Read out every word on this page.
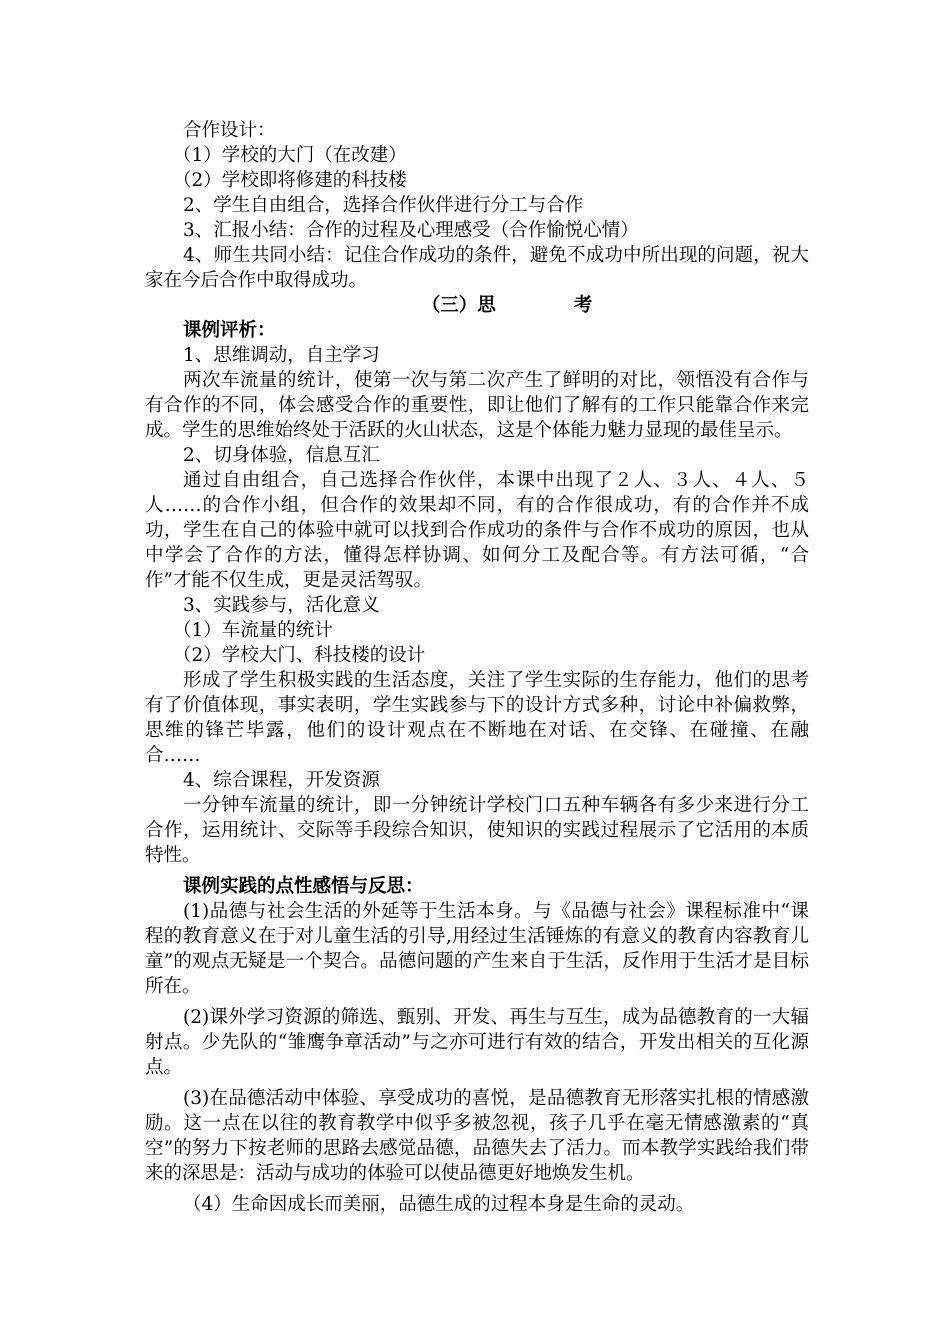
合作设计：

（1）学校的大门（在改建）

（2）学校即将修建的科技楼

2、学生自由组合，选择合作伙伴进行分工与合作

3、汇报小结：合作的过程及心理感受（合作愉悦心情）

4、师生共同小结：记住合作成功的条件，避免不成功中所出现的问题，祝大家在今后合作中取得成功。

（三）思	考

课例评析：

1、思维调动，自主学习

两次车流量的统计，使第一次与第二次产生了鲜明的对比，领悟没有合作与有合作的不同，体会感受合作的重要性，即让他们了解有的工作只能靠合作来完成。学生的思维始终处于活跃的火山状态，这是个体能力魅力显现的最佳呈示。

2、切身体验，信息互汇

通过自由组合，自己选择合作伙伴，本课中出现了２人、３人、４人、５人……的合作小组，但合作的效果却不同，有的合作很成功，有的合作并不成功，学生在自己的体验中就可以找到合作成功的条件与合作不成功的原因，也从中学会了合作的方法，懂得怎样协调、如何分工及配合等。有方法可循，“合作”才能不仅生成，更是灵活驾驭。

3、实践参与，活化意义

（1）车流量的统计

（2）学校大门、科技楼的设计

形成了学生积极实践的生活态度，关注了学生实际的生存能力，他们的思考有了价值体现，事实表明，学生实践参与下的设计方式多种，讨论中补偏救弊，思维的锋芒毕露，他们的设计观点在不断地在对话、在交锋、在碰撞、在融合……

4、综合课程，开发资源

一分钟车流量的统计，即一分钟统计学校门口五种车辆各有多少来进行分工合作，运用统计、交际等手段综合知识，使知识的实践过程展示了它活用的本质特性。

课例实践的点性感悟与反思：

(1)品德与社会生活的外延等于生活本身。与《品德与社会》课程标准中“课程的教育意义在于对儿童生活的引导,用经过生活锤炼的有意义的教育内容教育儿童”的观点无疑是一个契合。品德问题的产生来自于生活，反作用于生活才是目标所在。

(2)课外学习资源的筛选、甄别、开发、再生与互生，成为品德教育的一大辐射点。少先队的“雏鹰争章活动”与之亦可进行有效的结合，开发出相关的互化源点。

(3)在品德活动中体验、享受成功的喜悦，是品德教育无形落实扎根的情感激励。这一点在以往的教育教学中似乎多被忽视，孩子几乎在毫无情感激素的“真空”的努力下按老师的思路去感觉品德，品德失去了活力。而本教学实践给我们带来的深思是：活动与成功的体验可以使品德更好地焕发生机。

（4）生命因成长而美丽，品德生成的过程本身是生命的灵动。
